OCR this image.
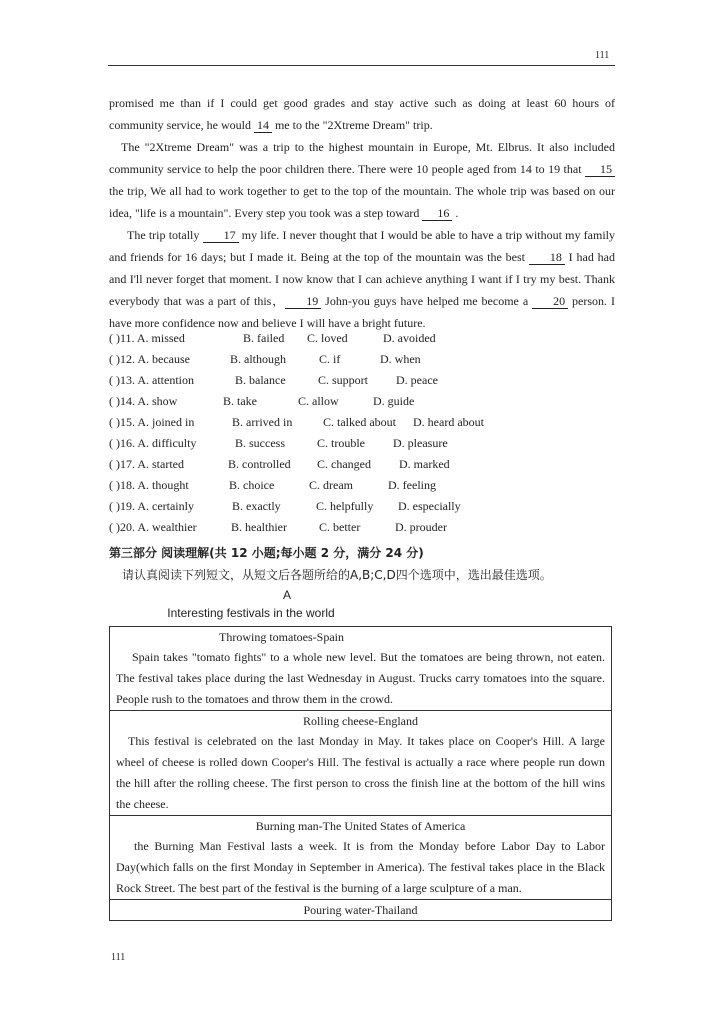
111

promised me than if I could get good grades and stay active such as doing at least 60 hours of community service, he would 14 me to the "2Xtreme Dream" trip.

The "2Xtreme Dream" was a trip to the highest mountain in Europe, Mt. Elbrus. It also included community service to help the poor children there. There were 10 people aged from 14 to 19 that 15 the trip, We all had to work together to get to the top of the mountain. The whole trip was based on our idea, "life is a mountain". Every step you took was a step toward 16 .

The trip totally 17 my life. I never thought that I would be able to have a trip without my family and friends for 16 days; but I made it. Being at the top of the mountain was the best 18 I had had and I'll never forget that moment. I now know that I can achieve anything I want if I try my best. Thank everybody that was a part of this， 19 John-you guys have helped me become a 20 person. I have more confidence now and believe I will have a bright future.

( )11. A. missed	B. failed C. loved	D. avoided
( )12. A. because	B. although	C. if	D. when
( )13. A. attention	B. balance	C. support D. peace
( )14. A. show	B. take	C. allow	D. guide
( )15. A. joined in	B. arrived in	C. talked about D. heard about
( )16. A. difficulty	B. success	C. trouble D. pleasure
( )17. A. started	B. controlled C. changed D. marked
( )18. A. thought	B. choice	C. dream	D. feeling
( )19. A. certainly	B. exactly	C. helpfully D. especially
( )20. A. wealthier	B. healthier	C. better	D. prouder
第三部分 阅读理解(共 12 小题;每小题 2 分，满分 24 分)
请认真阅读下列短文，从短文后各题所给的A,B;C,D四个选项中，选出最佳选项。
A
Interesting festivals in the world
Throwing tomatoes-Spain

Spain takes "tomato fights" to a whole new level. But the tomatoes are being thrown, not eaten. The festival takes place during the last Wednesday in August. Trucks carry tomatoes into the square. People rush to the tomatoes and throw them in the crowd.

Rolling cheese-England

This festival is celebrated on the last Monday in May. It takes place on Cooper's Hill. A large wheel of cheese is rolled down Cooper's Hill. The festival is actually a race where people run down the hill after the rolling cheese. The first person to cross the finish line at the bottom of the hill wins the cheese.

Burning man-The United States of America

the Burning Man Festival lasts a week. It is from the Monday before Labor Day to Labor Day(which falls on the first Monday in September in America). The festival takes place in the Black Rock Street. The best part of the festival is the burning of a large sculpture of a man.

Pouring water-Thailand
111
